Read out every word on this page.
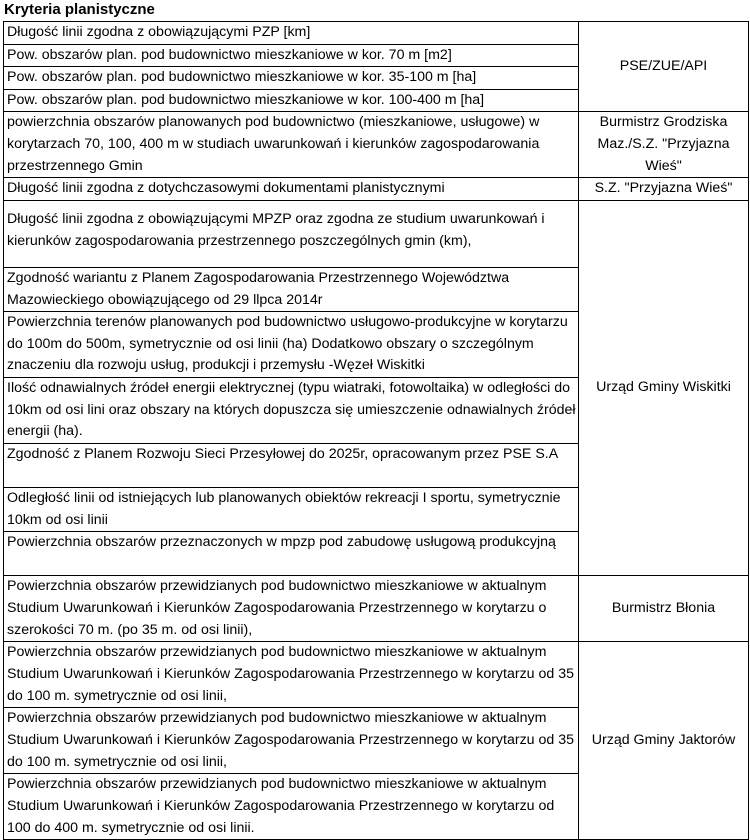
Kryteria planistyczne
Długość linii zgodna z obowiązującymi PZP [km]	PSE/ZUE/API
Pow. obszarów plan. pod budownictwo mieszkaniowe w kor. 70 m [m2]	
Pow. obszarów plan. pod budownictwo mieszkaniowe w kor. 35-100 m [ha]	
Pow. obszarów plan. pod budownictwo mieszkaniowe w kor. 100-400 m [ha]	
powierzchnia obszarów planowanych pod budownictwo (mieszkaniowe, usługowe) w korytarzach 70, 100, 400 m w studiach uwarunkowań i kierunków zagospodarowania przestrzennego Gmin	Burmistrz Grodziska Maz./S.Z. "Przyjazna Wieś"
Długość linii zgodna z dotychczasowymi dokumentami planistycznymi	S.Z. "Przyjazna Wieś"
Długość linii zgodna z obowiązującymi MPZP oraz zgodna ze studium uwarunkowań i kierunków zagospodarowania przestrzennego poszczególnych gmin (km),	Urząd Gminy Wiskitki
Zgodność wariantu z Planem Zagospodarowania Przestrzennego Województwa Mazowieckiego obowiązującego od 29 llpca 2014r	
Powierzchnia terenów planowanych pod budownictwo usługowo-produkcyjne w korytarzu do 100m do 500m, symetrycznie od osi linii (ha) Dodatkowo obszary o szczególnym znaczeniu dla rozwoju usług, produkcji i przemysłu -Węzeł Wiskitki	
Ilość odnawialnych źródeł energii elektrycznej (typu wiatraki, fotowoltaika) w odległości do 10km od osi lini oraz obszary na których dopuszcza się umieszczenie odnawialnych źródeł energii (ha).	
Zgodność z Planem Rozwoju Sieci Przesyłowej do 2025r, opracowanym przez PSE S.A	
Odległość linii od istniejących lub planowanych obiektów rekreacji I sportu, symetrycznie 10km od osi linii	
Powierzchnia obszarów przeznaczonych w mpzp pod zabudowę usługową produkcyjną	
Powierzchnia obszarów przewidzianych pod budownictwo mieszkaniowe w aktualnym Studium Uwarunkowań i Kierunków Zagospodarowania Przestrzennego w korytarzu o szerokości 70 m. (po 35 m. od osi linii),	Burmistrz Błonia
Powierzchnia obszarów przewidzianych pod budownictwo mieszkaniowe w aktualnym Studium Uwarunkowań i Kierunków Zagospodarowania Przestrzennego w korytarzu od 35 do 100 m. symetrycznie od osi linii,	Urząd Gminy Jaktorów
Powierzchnia obszarów przewidzianych pod budownictwo mieszkaniowe w aktualnym Studium Uwarunkowań i Kierunków Zagospodarowania Przestrzennego w korytarzu od 35 do 100 m. symetrycznie od osi linii,	
Powierzchnia obszarów przewidzianych pod budownictwo mieszkaniowe w aktualnym Studium Uwarunkowań i Kierunków Zagospodarowania Przestrzennego w korytarzu od 100 do 400 m. symetrycznie od osi linii.	
